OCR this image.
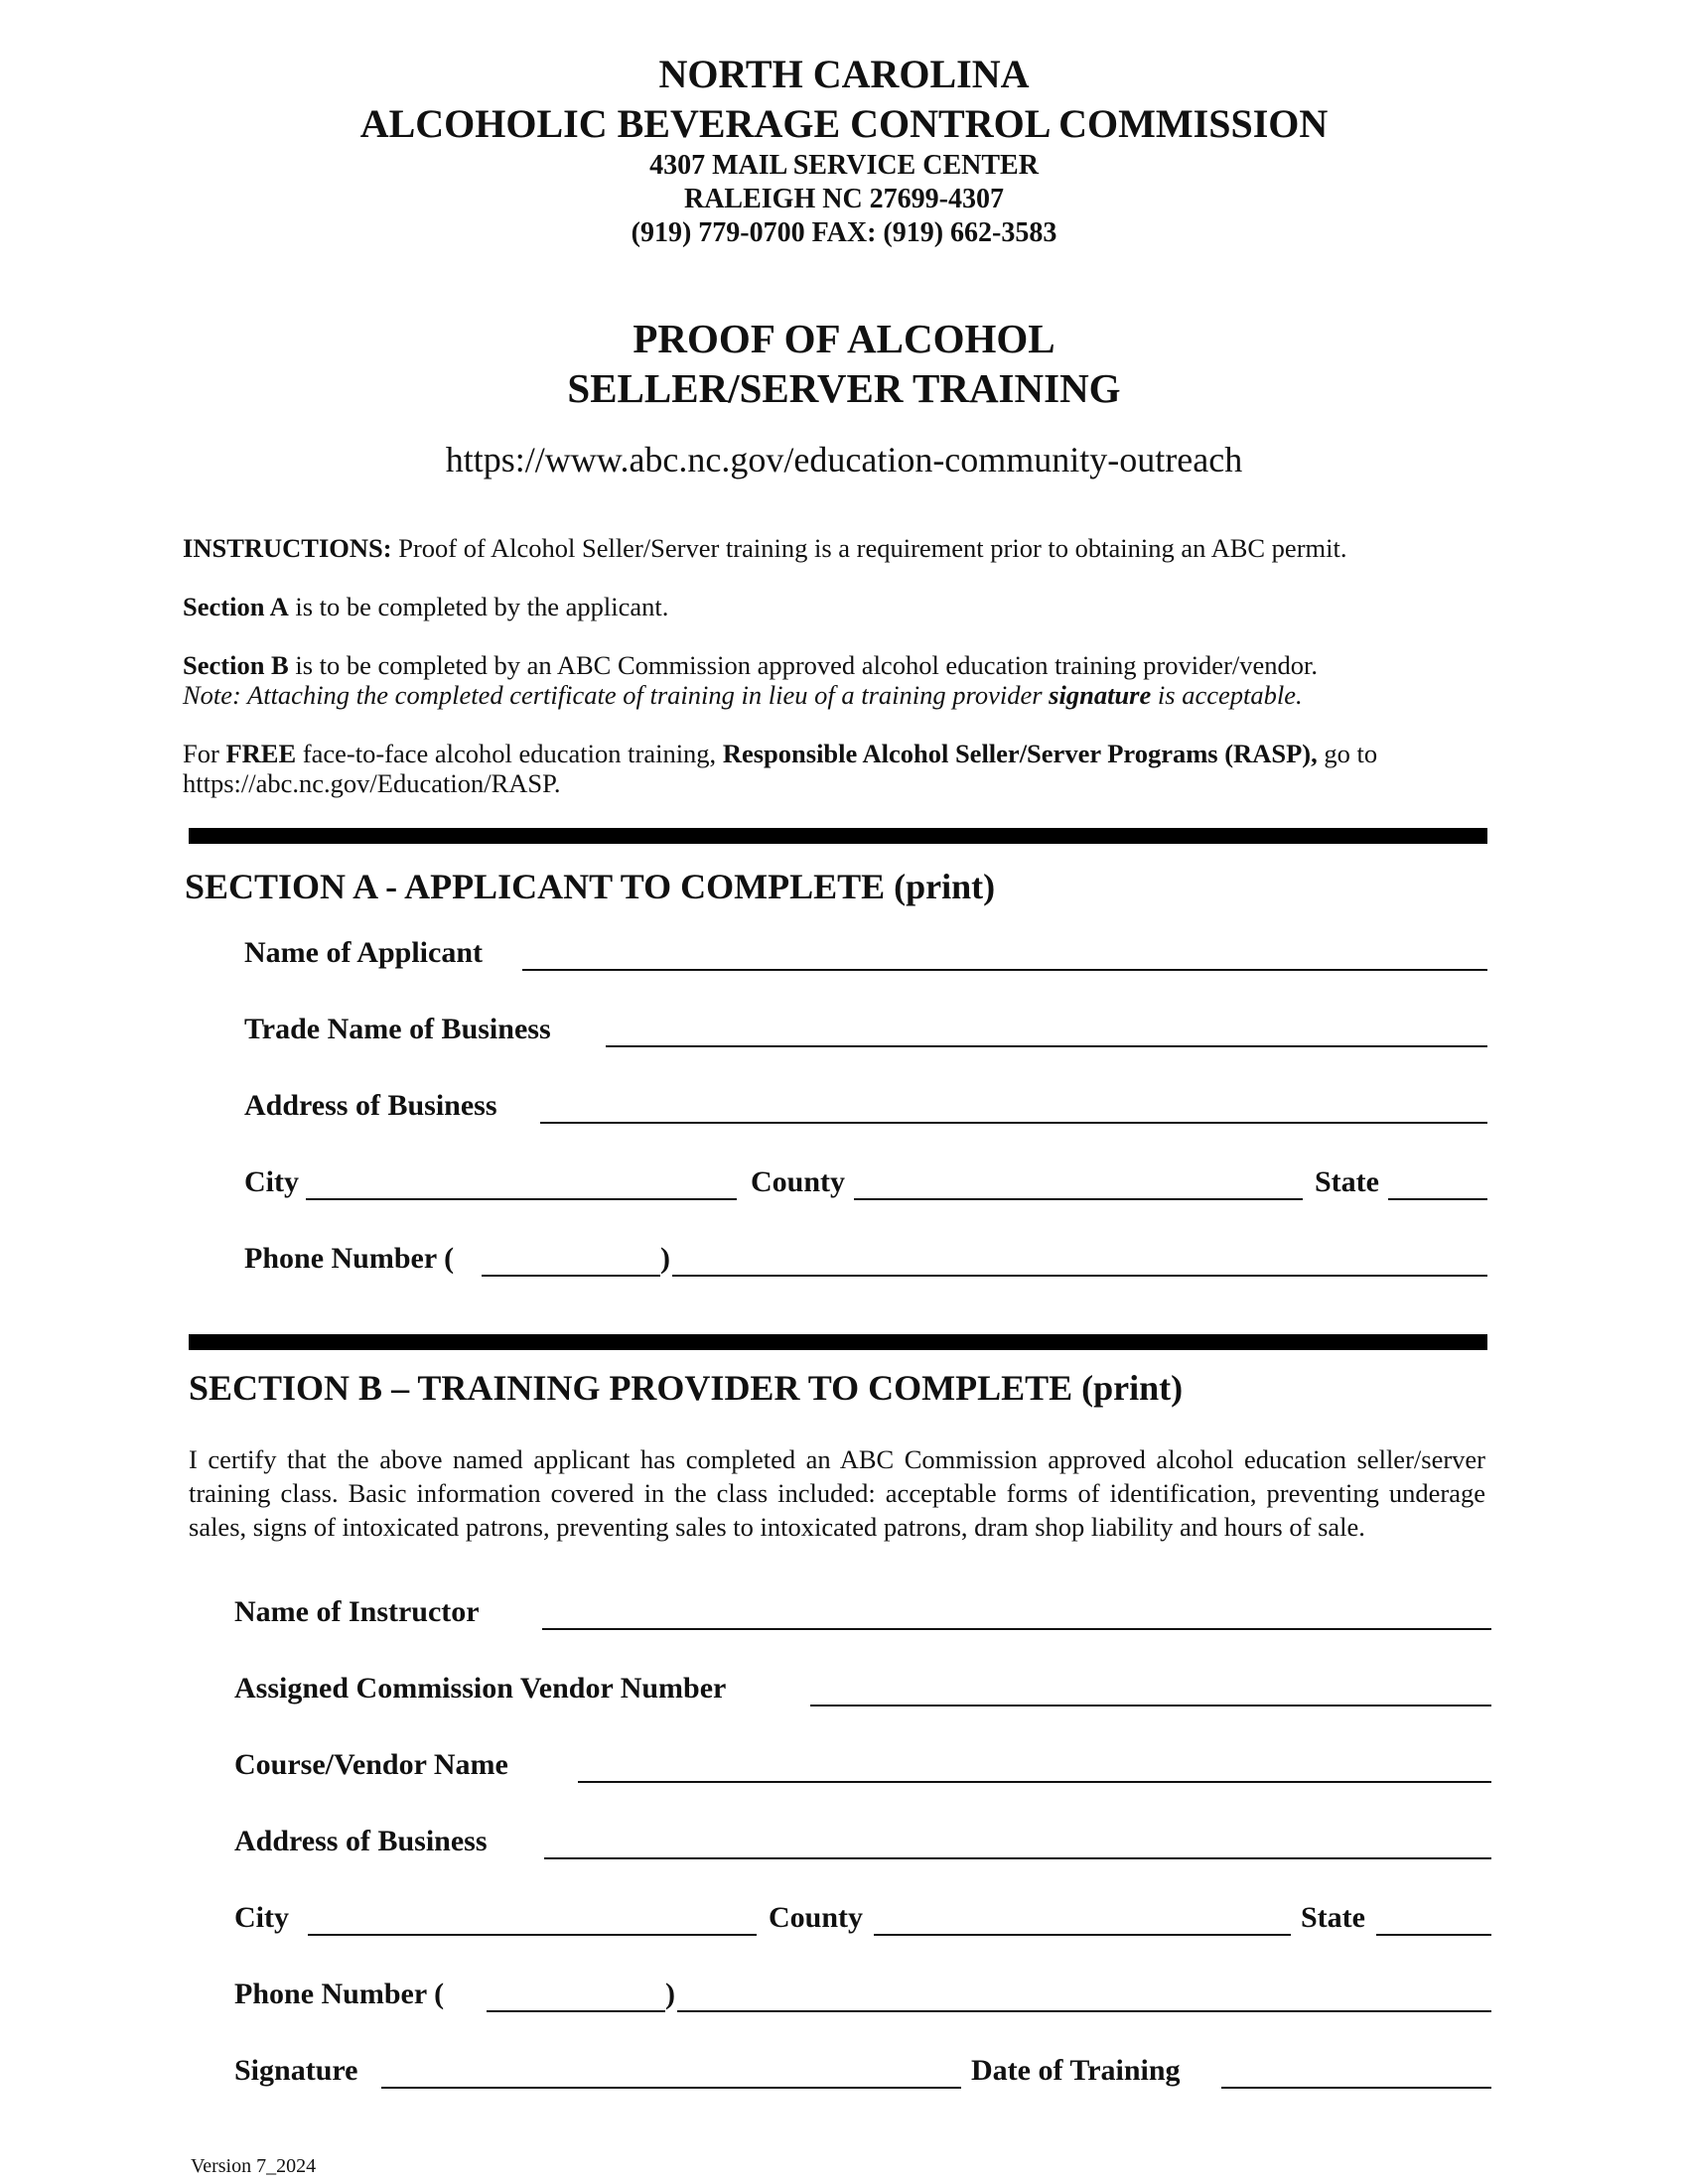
NORTH CAROLINA
ALCOHOLIC BEVERAGE CONTROL COMMISSION
4307 MAIL SERVICE CENTER
RALEIGH NC 27699-4307
(919) 779-0700 FAX: (919) 662-3583
PROOF OF ALCOHOL
SELLER/SERVER TRAINING
https://www.abc.nc.gov/education-community-outreach
INSTRUCTIONS: Proof of Alcohol Seller/Server training is a requirement prior to obtaining an ABC permit.
Section A is to be completed by the applicant.
Section B is to be completed by an ABC Commission approved alcohol education training provider/vendor.
Note: Attaching the completed certificate of training in lieu of a training provider signature is acceptable.
For FREE face-to-face alcohol education training, Responsible Alcohol Seller/Server Programs (RASP), go to
https://abc.nc.gov/Education/RASP.
SECTION A - APPLICANT TO COMPLETE (print)
Name of Applicant
Trade Name of Business
Address of Business
City	County	State
Phone Number (	)
SECTION B – TRAINING PROVIDER TO COMPLETE (print)
I certify that the above named applicant has completed an ABC Commission approved alcohol education seller/server training class. Basic information covered in the class included: acceptable forms of identification, preventing underage sales, signs of intoxicated patrons, preventing sales to intoxicated patrons, dram shop liability and hours of sale.
Name of Instructor
Assigned Commission Vendor Number
Course/Vendor Name
Address of Business
City	County	State
Phone Number (	)
Signature	Date of Training
Version 7_2024
